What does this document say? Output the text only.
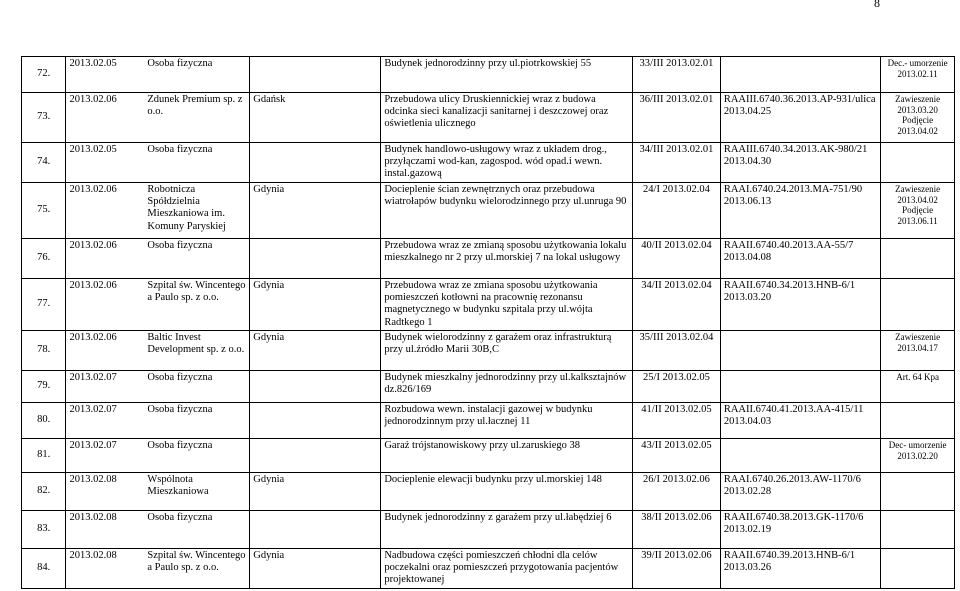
8
72.	2013.02.05	Osoba fizyczna		Budynek jednorodzinny przy ul.piotrkowskiej 55	33/III 2013.02.01		Dec.- umorzenie 2013.02.11
73.	2013.02.06	Zdunek Premium sp. z o.o.	Gdańsk	Przebudowa ulicy Druskiennickiej wraz z budowa odcinka sieci kanalizacji sanitarnej i deszczowej oraz oświetlenia ulicznego	36/III 2013.02.01	RAAIII.6740.36.2013.AP-931/ulica 2013.04.25	Zawieszenie 2013.03.20 Podjęcie 2013.04.02
74.	2013.02.05	Osoba fizyczna		Budynek handlowo-usługowy wraz z układem drog., przyłączami wod-kan, zagospod. wód opad.i wewn. instal.gazową	34/III 2013.02.01	RAAIII.6740.34.2013.AK-980/21 2013.04.30	
75.	2013.02.06	Robotnicza Spółdzielnia Mieszkaniowa im. Komuny Paryskiej	Gdynia	Docieplenie ścian zewnętrznych oraz przebudowa wiatrołapów budynku wielorodzinnego przy ul.unruga 90	24/I 2013.02.04	RAAI.6740.24.2013.MA-751/90 2013.06.13	Zawieszenie 2013.04.02 Podjęcie 2013.06.11
76.	2013.02.06	Osoba fizyczna		Przebudowa wraz ze zmianą sposobu użytkowania lokalu mieszkalnego nr 2 przy ul.morskiej 7 na lokal usługowy	40/II 2013.02.04	RAAII.6740.40.2013.AA-55/7 2013.04.08	
77.	2013.02.06	Szpital św. Wincentego a Paulo sp. z o.o.	Gdynia	Przebudowa wraz ze zmiana sposobu użytkowania pomieszczeń kotłowni na pracownię rezonansu magnetycznego w budynku szpitala przy ul.wójta Radtkego 1	34/II 2013.02.04	RAAII.6740.34.2013.HNB-6/1 2013.03.20	
78.	2013.02.06	Baltic Invest Development sp. z o.o.	Gdynia	Budynek wielorodzinny z garażem oraz infrastrukturą przy ul.źródło Marii 30B,C	35/III 2013.02.04		Zawieszenie 2013.04.17
79.	2013.02.07	Osoba fizyczna		Budynek mieszkalny jednorodzinny przy ul.kalksztajnów dz.826/169	25/I 2013.02.05		Art. 64 Kpa
80.	2013.02.07	Osoba fizyczna		Rozbudowa wewn. instalacji gazowej w budynku jednorodzinnym przy ul.łacznej 11	41/II 2013.02.05	RAAII.6740.41.2013.AA-415/11 2013.04.03	
81.	2013.02.07	Osoba fizyczna		Garaż trójstanowiskowy przy ul.zaruskiego 38	43/II 2013.02.05		Dec- umorzenie 2013.02.20
82.	2013.02.08	Wspólnota Mieszkaniowa	Gdynia	Docieplenie elewacji budynku przy ul.morskiej 148	26/I 2013.02.06	RAAI.6740.26.2013.AW-1170/6 2013.02.28	
83.	2013.02.08	Osoba fizyczna		Budynek jednorodzinny z garażem przy ul.łabędziej 6	38/II 2013.02.06	RAAII.6740.38.2013.GK-1170/6 2013.02.19	
84.	2013.02.08	Szpital św. Wincentego a Paulo sp. z o.o.	Gdynia	Nadbudowa części pomieszczeń chłodni dla celów poczekalni oraz pomieszczeń przygotowania pacjentów projektowanej	39/II 2013.02.06	RAAII.6740.39.2013.HNB-6/1 2013.03.26	
